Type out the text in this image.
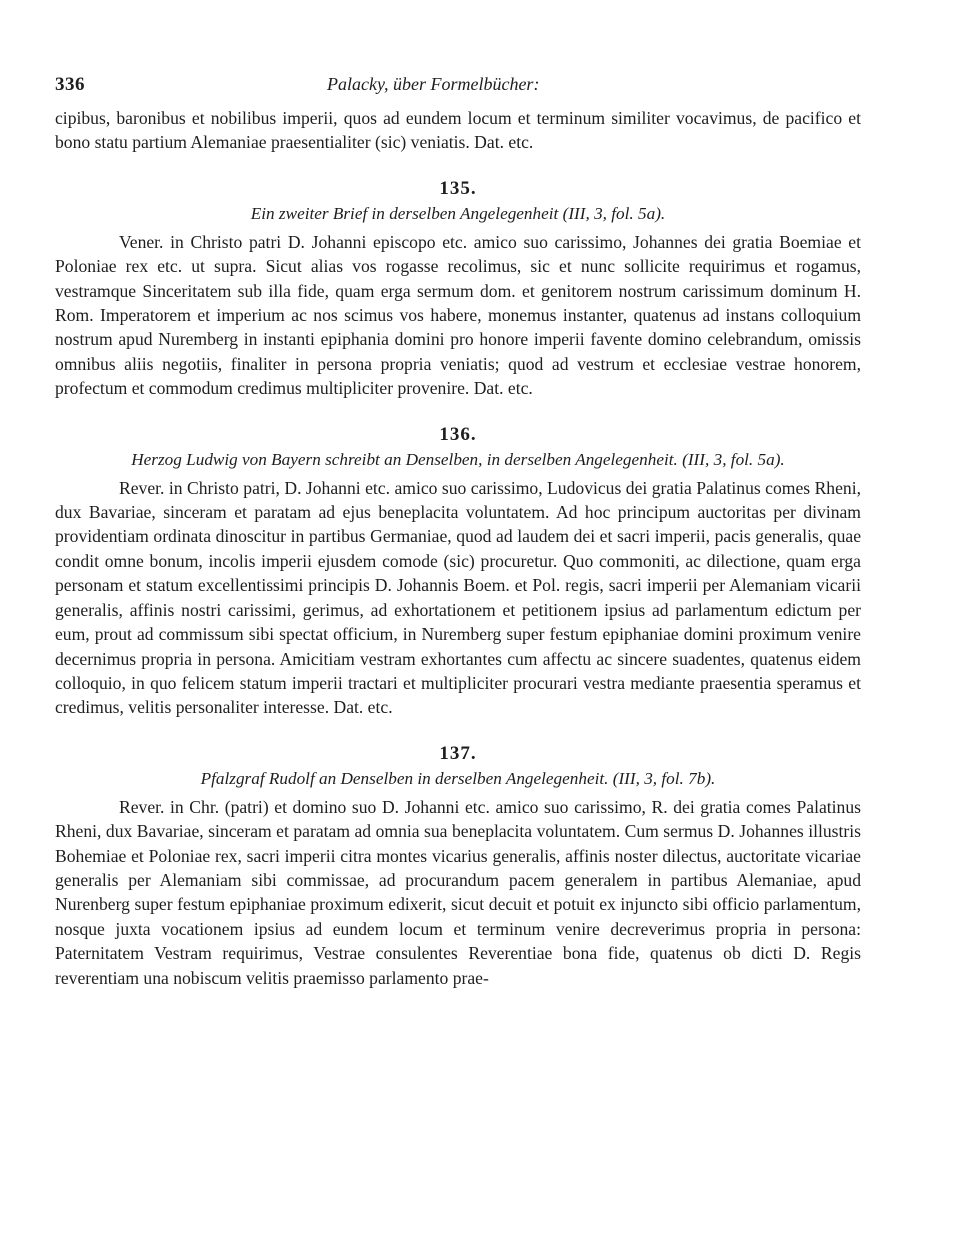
336	Palacky, über Formelbücher:

cipibus, baronibus et nobilibus imperii, quos ad eundem locum et terminum similiter vocavimus, de pacifico et bono statu partium Alemaniae praesentialiter (sic) veniatis. Dat. etc.

135.

Ein zweiter Brief in derselben Angelegenheit (III, 3, fol. 5a).

Vener. in Christo patri D. Johanni episcopo etc. amico suo carissimo, Johannes dei gratia Boemiae et Poloniae rex etc. ut supra. Sicut alias vos rogasse recolimus, sic et nunc sollicite requirimus et rogamus, vestramque Sinceritatem sub illa fide, quam erga sermum dom. et genitorem nostrum carissimum dominum H. Rom. Imperatorem et imperium ac nos scimus vos habere, monemus instanter, quatenus ad instans colloquium nostrum apud Nuremberg in instanti epiphania domini pro honore imperii favente domino celebrandum, omissis omnibus aliis negotiis, finaliter in persona propria veniatis; quod ad vestrum et ecclesiae vestrae honorem, profectum et commodum credimus multipliciter provenire. Dat. etc.

136.

Herzog Ludwig von Bayern schreibt an Denselben, in derselben Angelegenheit. (III, 3, fol. 5a).

Rever. in Christo patri, D. Johanni etc. amico suo carissimo, Ludovicus dei gratia Palatinus comes Rheni, dux Bavariae, sinceram et paratam ad ejus beneplacita voluntatem. Ad hoc principum auctoritas per divinam providentiam ordinata dinoscitur in partibus Germaniae, quod ad laudem dei et sacri imperii, pacis generalis, quae condit omne bonum, incolis imperii ejusdem comode (sic) procuretur. Quo commoniti, ac dilectione, quam erga personam et statum excellentissimi principis D. Johannis Boem. et Pol. regis, sacri imperii per Alemaniam vicarii generalis, affinis nostri carissimi, gerimus, ad exhortationem et petitionem ipsius ad parlamentum edictum per eum, prout ad commissum sibi spectat officium, in Nuremberg super festum epiphaniae domini proximum venire decernimus propria in persona. Amicitiam vestram exhortantes cum affectu ac sincere suadentes, quatenus eidem colloquio, in quo felicem statum imperii tractari et multipliciter procurari vestra mediante praesentia speramus et credimus, velitis personaliter interesse. Dat. etc.

137.

Pfalzgraf Rudolf an Denselben in derselben Angelegenheit. (III, 3, fol. 7b).

Rever. in Chr. (patri) et domino suo D. Johanni etc. amico suo carissimo, R. dei gratia comes Palatinus Rheni, dux Bavariae, sinceram et paratam ad omnia sua beneplacita voluntatem. Cum sermus D. Johannes illustris Bohemiae et Poloniae rex, sacri imperii citra montes vicarius generalis, affinis noster dilectus, auctoritate vicariae generalis per Alemaniam sibi commissae, ad procurandum pacem generalem in partibus Alemaniae, apud Nurenberg super festum epiphaniae proximum edixerit, sicut decuit et potuit ex injuncto sibi officio parlamentum, nosque juxta vocationem ipsius ad eundem locum et terminum venire decreverimus propria in persona: Paternitatem Vestram requirimus, Vestrae consulentes Reverentiae bona fide, quatenus ob dicti D. Regis reverentiam una nobiscum velitis praemisso parlamento prae-
